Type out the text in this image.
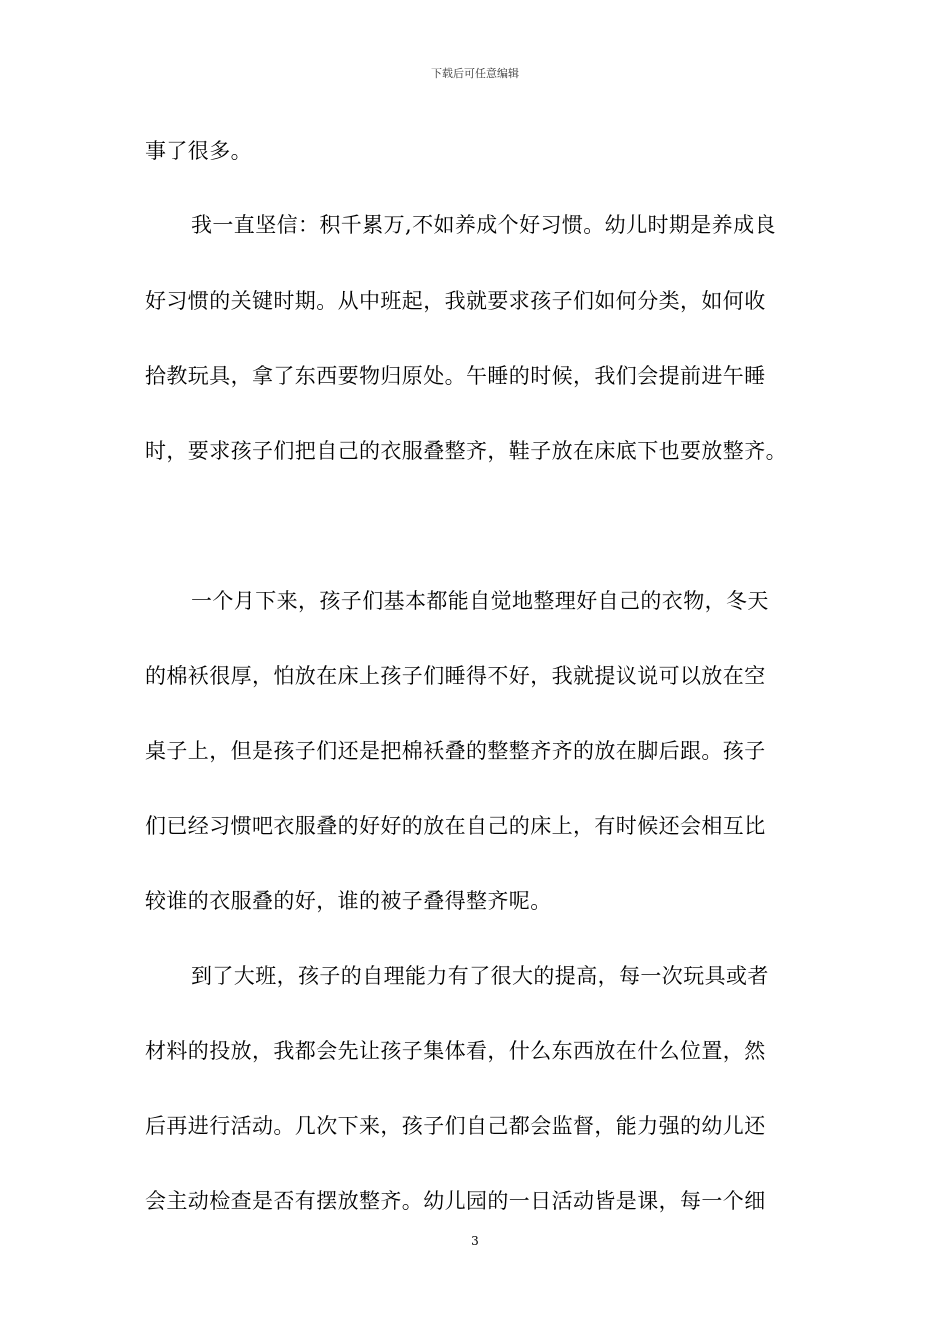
下载后可任意编辑
事了很多。
我一直坚信：积千累万,不如养成个好习惯。幼儿时期是养成良
好习惯的关键时期。从中班起，我就要求孩子们如何分类，如何收
拾教玩具，拿了东西要物归原处。午睡的时候，我们会提前进午睡
时，要求孩子们把自己的衣服叠整齐，鞋子放在床底下也要放整齐。
一个月下来，孩子们基本都能自觉地整理好自己的衣物，冬天
的棉袄很厚，怕放在床上孩子们睡得不好，我就提议说可以放在空
桌子上，但是孩子们还是把棉袄叠的整整齐齐的放在脚后跟。孩子
们已经习惯吧衣服叠的好好的放在自己的床上，有时候还会相互比
较谁的衣服叠的好，谁的被子叠得整齐呢。
到了大班，孩子的自理能力有了很大的提高，每一次玩具或者
材料的投放，我都会先让孩子集体看，什么东西放在什么位置，然
后再进行活动。几次下来，孩子们自己都会监督，能力强的幼儿还
会主动检查是否有摆放整齐。幼儿园的一日活动皆是课，每一个细
3
